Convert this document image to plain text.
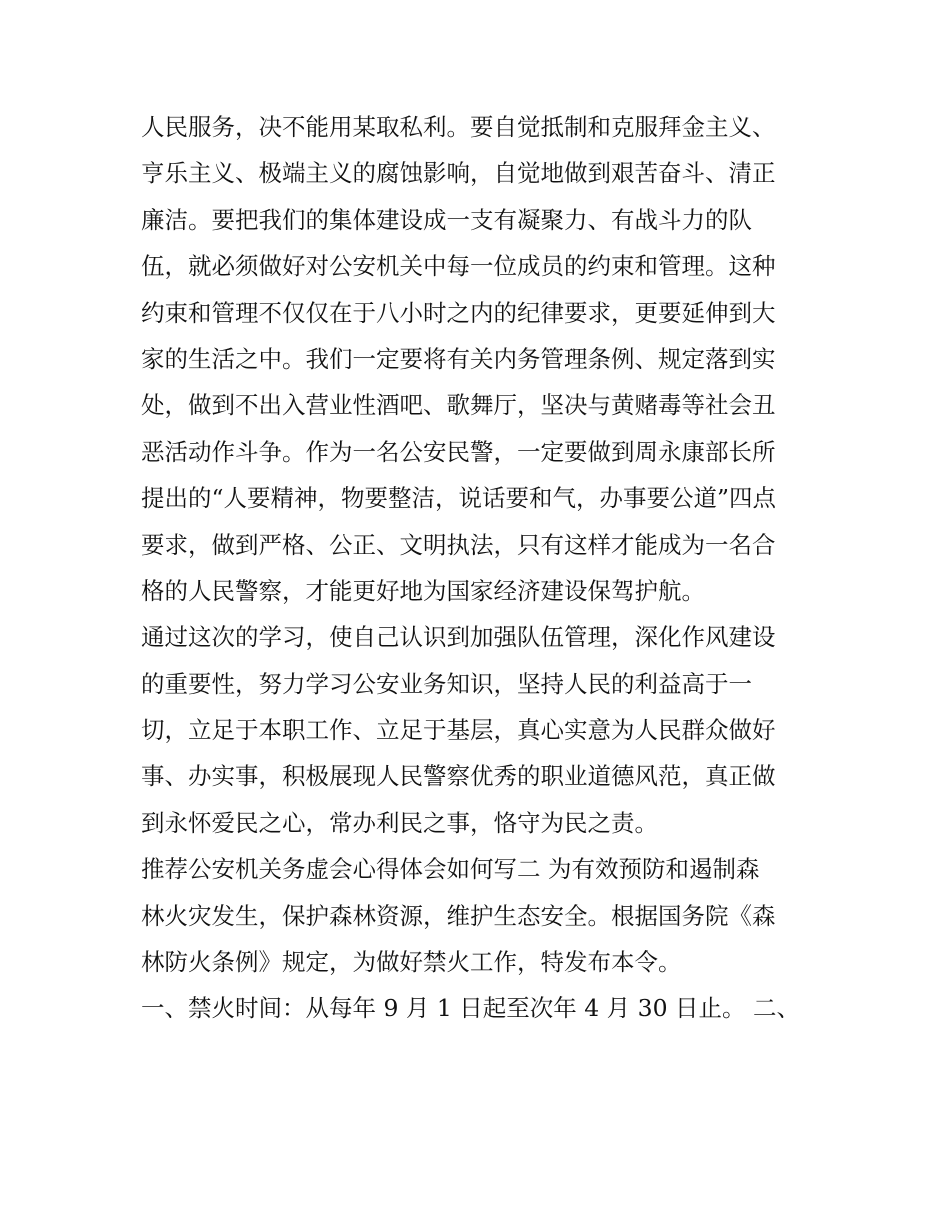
人民服务，决不能用某取私利。要自觉抵制和克服拜金主义、
亨乐主义、极端主义的腐蚀影响，自觉地做到艰苦奋斗、清正
廉洁。要把我们的集体建设成一支有凝聚力、有战斗力的队
伍，就必须做好对公安机关中每一位成员的约束和管理。这种
约束和管理不仅仅在于八小时之内的纪律要求，更要延伸到大
家的生活之中。我们一定要将有关内务管理条例、规定落到实
处，做到不出入营业性酒吧、歌舞厅，坚决与黄赌毒等社会丑
恶活动作斗争。作为一名公安民警，一定要做到周永康部长所
提出的“人要精神，物要整洁，说话要和气，办事要公道”四点
要求，做到严格、公正、文明执法，只有这样才能成为一名合
格的人民警察，才能更好地为国家经济建设保驾护航。
通过这次的学习，使自己认识到加强队伍管理，深化作风建设
的重要性，努力学习公安业务知识，坚持人民的利益高于一
切，立足于本职工作、立足于基层，真心实意为人民群众做好
事、办实事，积极展现人民警察优秀的职业道德风范，真正做
到永怀爱民之心，常办利民之事，恪守为民之责。
推荐公安机关务虚会心得体会如何写二 为有效预防和遏制森
林火灾发生，保护森林资源，维护生态安全。根据国务院《森
林防火条例》规定，为做好禁火工作，特发布本令。
一、禁火时间：从每年 9 月 1 日起至次年 4 月 30 日止。 二、
